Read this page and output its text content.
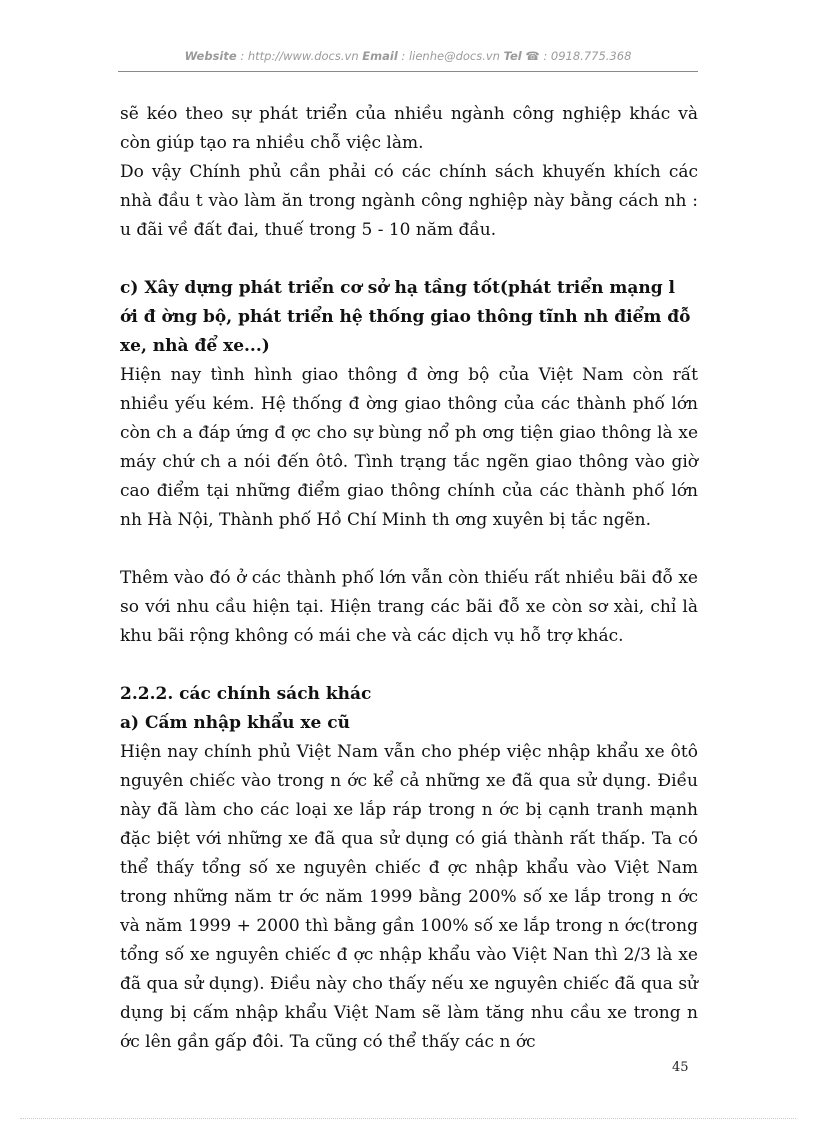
Website : http://www.docs.vn Email : lienhe@docs.vn Tel ☎ : 0918.775.368

sẽ kéo theo sự phát triển của nhiều ngành công nghiệp khác và còn giúp tạo ra nhiều chỗ việc làm.

Do vậy Chính phủ cần phải có các chính sách khuyến khích các nhà đầu t vào làm ăn trong ngành công nghiệp này bằng cách nh : u đãi về đất đai, thuế trong 5 - 10 năm đầu.

c) Xây dựng phát triển cơ sở hạ tầng tốt(phát triển mạng l ới đ ờng bộ, phát triển hệ thống giao thông tĩnh nh điểm đỗ xe, nhà để xe...)

Hiện nay tình hình giao thông đ ờng bộ của Việt Nam còn rất nhiều yếu kém. Hệ thống đ ờng giao thông của các thành phố lớn còn ch a đáp ứng đ ợc cho sự bùng nổ ph ơng tiện giao thông là xe máy chứ ch a nói đến ôtô. Tình trạng tắc ngẽn giao thông vào giờ cao điểm tại những điểm giao thông chính của các thành phố lớn nh Hà Nội, Thành phố Hồ Chí Minh th ơng xuyên bị tắc ngẽn.

Thêm vào đó ở các thành phố lớn vẫn còn thiếu rất nhiều bãi đỗ xe so với nhu cầu hiện tại. Hiện trang các bãi đỗ xe còn sơ xài, chỉ là khu bãi rộng không có mái che và các dịch vụ hỗ trợ khác.

2.2.2. các chính sách khác

a) Cấm nhập khẩu xe cũ

Hiện nay chính phủ Việt Nam vẫn cho phép việc nhập khẩu xe ôtô nguyên chiếc vào trong n ớc kể cả những xe đã qua sử dụng. Điều này đã làm cho các loại xe lắp ráp trong n ớc bị cạnh tranh mạnh đặc biệt với những xe đã qua sử dụng có giá thành rất thấp. Ta có thể thấy tổng số xe nguyên chiếc đ ợc nhập khẩu vào Việt Nam trong những năm tr ớc năm 1999 bằng 200% số xe lắp trong n ớc và năm 1999 + 2000 thì bằng gần 100% số xe lắp trong n ớc(trong tổng số xe nguyên chiếc đ ợc nhập khẩu vào Việt Nan thì 2/3 là xe đã qua sử dụng). Điều này cho thấy nếu xe nguyên chiếc đã qua sử dụng bị cấm nhập khẩu Việt Nam sẽ làm tăng nhu cầu xe trong n ớc lên gần gấp đôi. Ta cũng có thể thấy các n ớc

45
